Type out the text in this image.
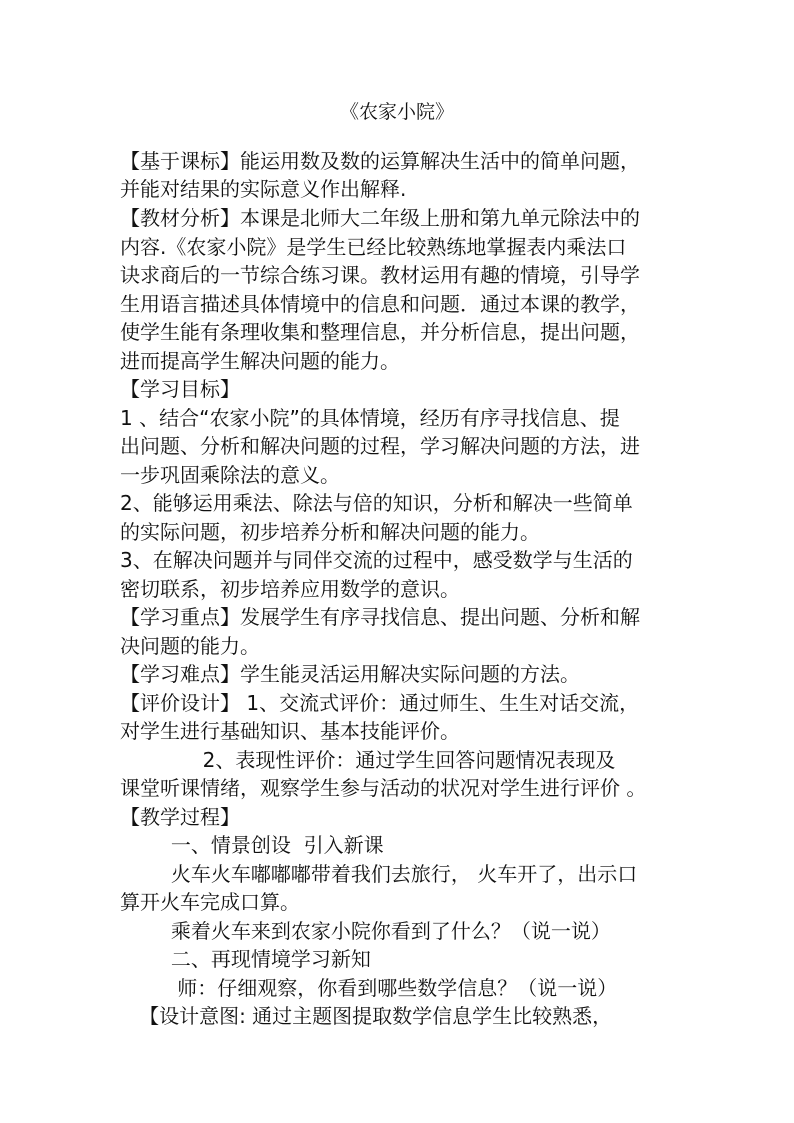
《农家小院》
【基于课标】能运用数及数的运算解决生活中的简单问题，
并能对结果的实际意义作出解释.
【教材分析】本课是北师大二年级上册和第九单元除法中的
内容.《农家小院》是学生已经比较熟练地掌握表内乘法口
诀求商后的一节综合练习课。教材运用有趣的情境，引导学
生用语言描述具体情境中的信息和问题．通过本课的教学，
使学生能有条理收集和整理信息，并分析信息，提出问题，
进而提高学生解决问题的能力。
【学习目标】
1 、结合“农家小院”的具体情境，经历有序寻找信息、提
出问题、分析和解决问题的过程，学习解决问题的方法，进
一步巩固乘除法的意义。
2、能够运用乘法、除法与倍的知识，分析和解决一些简单
的实际问题，初步培养分析和解决问题的能力。
3、在解决问题并与同伴交流的过程中，感受数学与生活的
密切联系，初步培养应用数学的意识。
【学习重点】发展学生有序寻找信息、提出问题、分析和解
决问题的能力。
【学习难点】学生能灵活运用解决实际问题的方法。
【评价设计】 1、交流式评价：通过师生、生生对话交流，
对学生进行基础知识、基本技能评价。
2、表现性评价：通过学生回答问题情况表现及
课堂听课情绪，观察学生参与活动的状况对学生进行评价 。
【教学过程】
一、情景创设  引入新课
火车火车嘟嘟嘟带着我们去旅行， 火车开了，出示口
算开火车完成口算。
乘着火车来到农家小院你看到了什么？（说一说）
二、再现情境学习新知
师：仔细观察，你看到哪些数学信息？（说一说）
【设计意图: 通过主题图提取数学信息学生比较熟悉，
